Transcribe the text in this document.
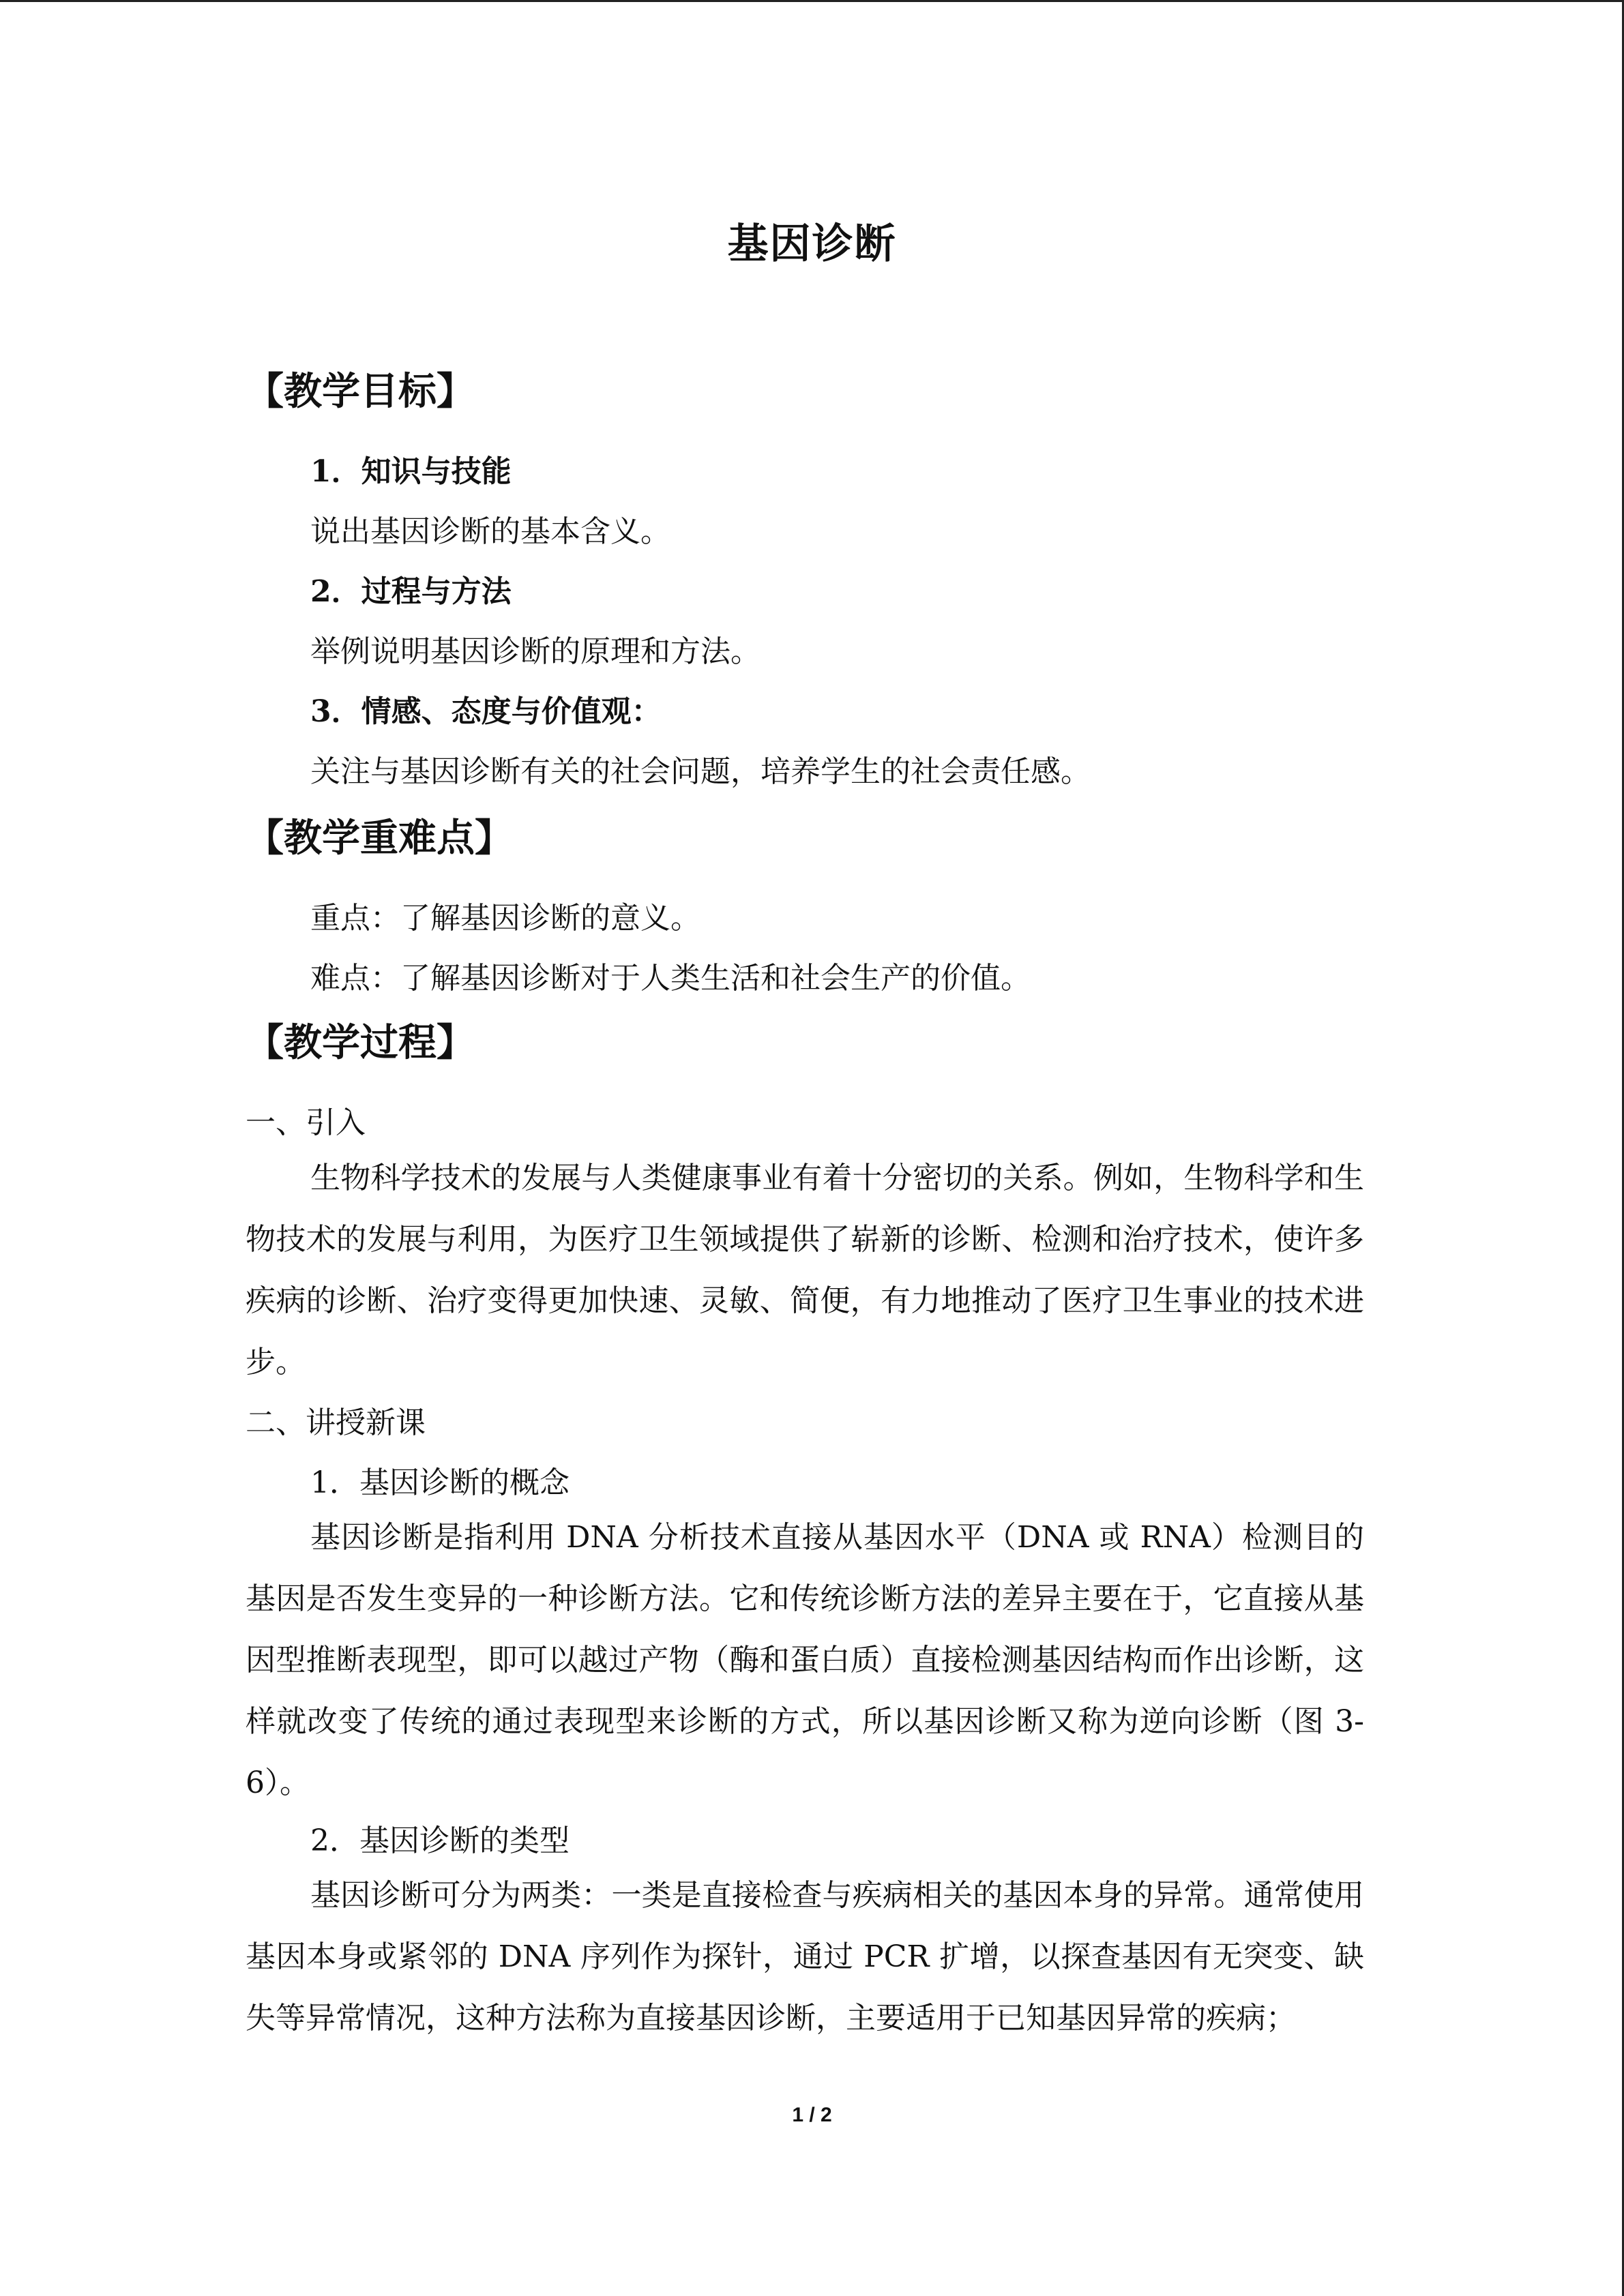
基因诊断
【教学目标】
1．知识与技能
说出基因诊断的基本含义。
2．过程与方法
举例说明基因诊断的原理和方法。
3．情感、态度与价值观：
关注与基因诊断有关的社会问题，培养学生的社会责任感。
【教学重难点】
重点：了解基因诊断的意义。
难点：了解基因诊断对于人类生活和社会生产的价值。
【教学过程】
一、引入
生物科学技术的发展与人类健康事业有着十分密切的关系。例如，生物科学和生物技术的发展与利用，为医疗卫生领域提供了崭新的诊断、检测和治疗技术，使许多疾病的诊断、治疗变得更加快速、灵敏、简便，有力地推动了医疗卫生事业的技术进步。
二、讲授新课
1．基因诊断的概念
基因诊断是指利用 DNA 分析技术直接从基因水平（DNA 或 RNA）检测目的基因是否发生变异的一种诊断方法。它和传统诊断方法的差异主要在于，它直接从基因型推断表现型，即可以越过产物（酶和蛋白质）直接检测基因结构而作出诊断，这样就改变了传统的通过表现型来诊断的方式，所以基因诊断又称为逆向诊断（图 3-6）。
2．基因诊断的类型
基因诊断可分为两类：一类是直接检查与疾病相关的基因本身的异常。通常使用基因本身或紧邻的 DNA 序列作为探针，通过 PCR 扩增，以探查基因有无突变、缺失等异常情况，这种方法称为直接基因诊断，主要适用于已知基因异常的疾病；
1 / 2
